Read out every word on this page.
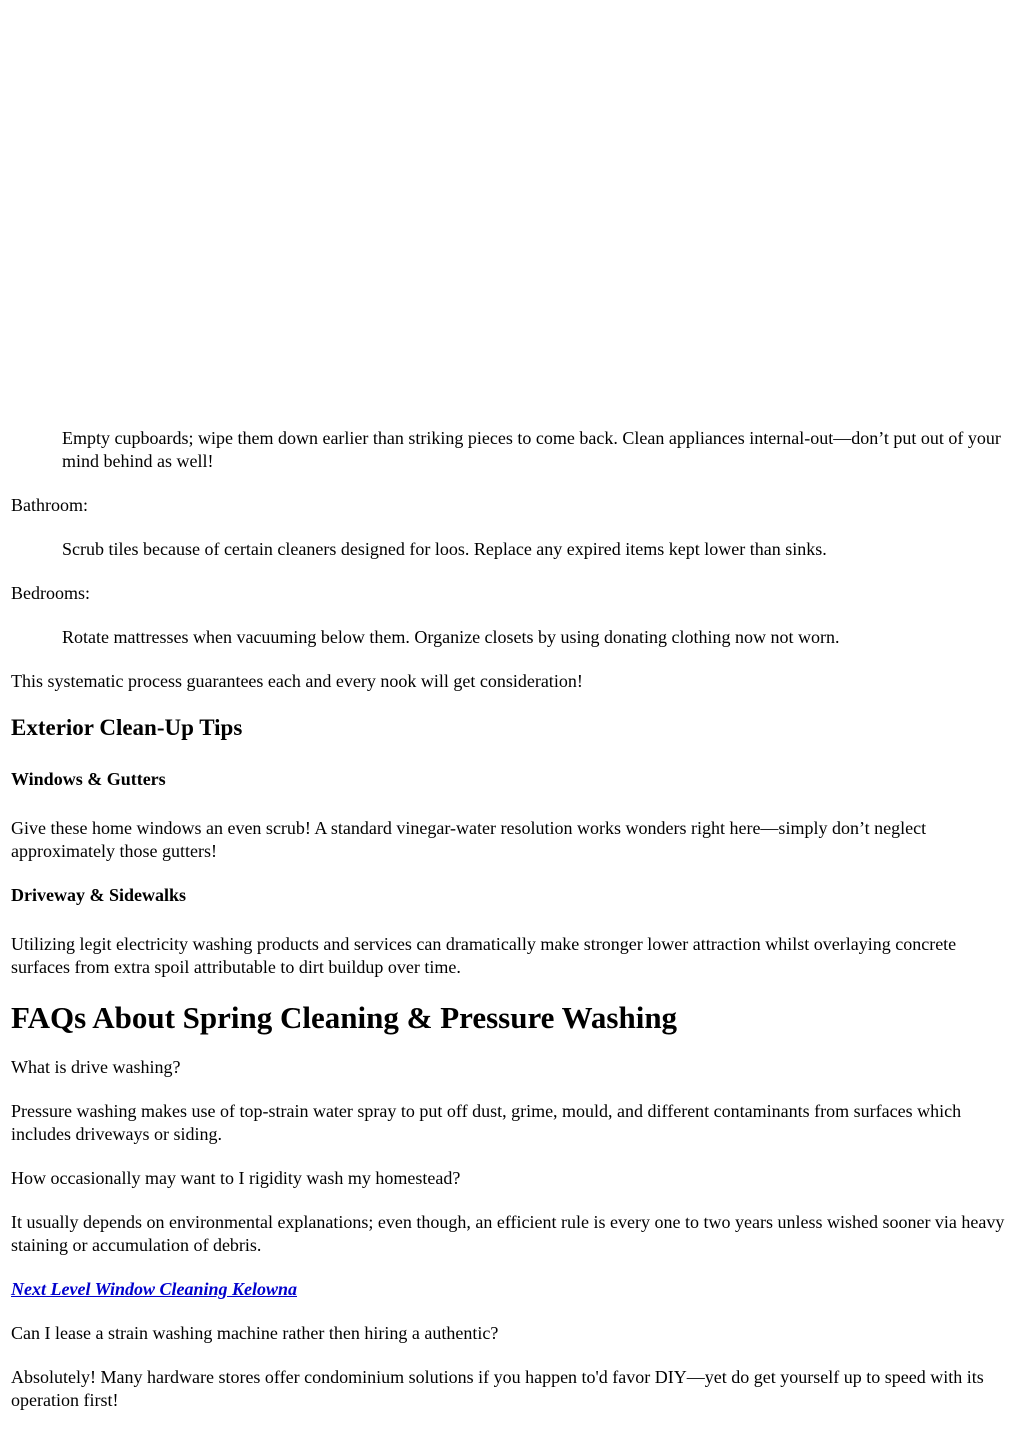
Empty cupboards; wipe them down earlier than striking pieces to come back. Clean appliances internal-out—don’t put out of your mind behind as well!

Bathroom:

Scrub tiles because of certain cleaners designed for loos. Replace any expired items kept lower than sinks.

Bedrooms:

Rotate mattresses when vacuuming below them. Organize closets by using donating clothing now not worn.

This systematic process guarantees each and every nook will get consideration!

Exterior Clean-Up Tips
Windows & Gutters

Give these home windows an even scrub! A standard vinegar-water resolution works wonders right here—simply don’t neglect approximately those gutters!

Driveway & Sidewalks

Utilizing legit electricity washing products and services can dramatically make stronger lower attraction whilst overlaying concrete surfaces from extra spoil attributable to dirt buildup over time.

FAQs About Spring Cleaning & Pressure Washing

What is drive washing?

Pressure washing makes use of top-strain water spray to put off dust, grime, mould, and different contaminants from surfaces which includes driveways or siding.

How occasionally may want to I rigidity wash my homestead?

It usually depends on environmental explanations; even though, an efficient rule is every one to two years unless wished sooner via heavy staining or accumulation of debris.

Next Level Window Cleaning Kelowna

Can I lease a strain washing machine rather then hiring a authentic?

Absolutely! Many hardware stores offer condominium solutions if you happen to'd favor DIY—yet do get yourself up to speed with its operation first!
